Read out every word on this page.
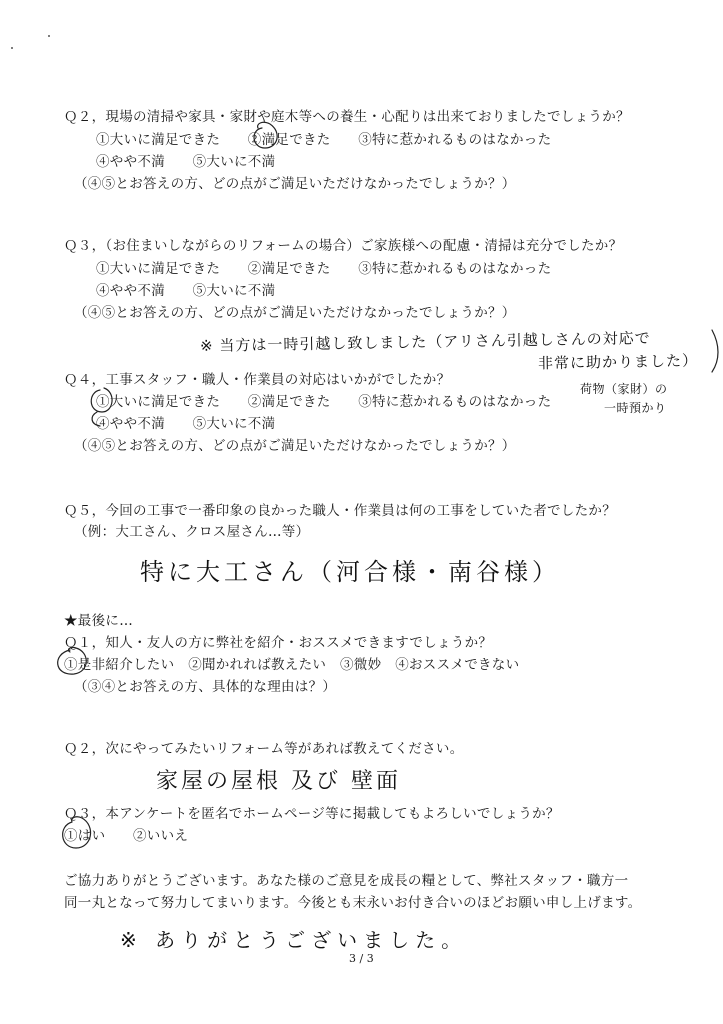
Ｑ２，現場の清掃や家具・家財や庭木等への養生・心配りは出来ておりましたでしょうか？
①大いに満足できた　　②満足できた　　③特に惹かれるものはなかった
④やや不満　　⑤大いに不満
（④⑤とお答えの方、どの点がご満足いただけなかったでしょうか？）
Ｑ３，（お住まいしながらのリフォームの場合）ご家族様への配慮・清掃は充分でしたか？
①大いに満足できた　　②満足できた　　③特に惹かれるものはなかった
④やや不満　　⑤大いに不満
（④⑤とお答えの方、どの点がご満足いただけなかったでしょうか？）
※ 当方は一時引越し致しました（アリさん引越しさんの対応で
非常に助かりました）
Ｑ４，工事スタッフ・職人・作業員の対応はいかがでしたか？
①大いに満足できた　　②満足できた　　③特に惹かれるものはなかった
④やや不満　　⑤大いに不満
（④⑤とお答えの方、どの点がご満足いただけなかったでしょうか？）
荷物（家財）の
一時預かり
Ｑ５，今回の工事で一番印象の良かった職人・作業員は何の工事をしていた者でしたか？
（例：大工さん、クロス屋さん…等）
特に大工さん（河合様・南谷様）
★最後に…
Ｑ１，知人・友人の方に弊社を紹介・おススメできますでしょうか？
①是非紹介したい　②聞かれれば教えたい　③微妙　④おススメできない
（③④とお答えの方、具体的な理由は？）
Ｑ２，次にやってみたいリフォーム等があれば教えてください。
家屋の屋根 及び 壁面
Ｑ３，本アンケートを匿名でホームページ等に掲載してもよろしいでしょうか？
①はい　　②いいえ
ご協力ありがとうございます。あなた様のご意見を成長の糧として、弊社スタッフ・職方一
同一丸となって努力してまいります。今後とも末永いお付き合いのほどお願い申し上げます。
※ ありがとうございました。
3 / 3
